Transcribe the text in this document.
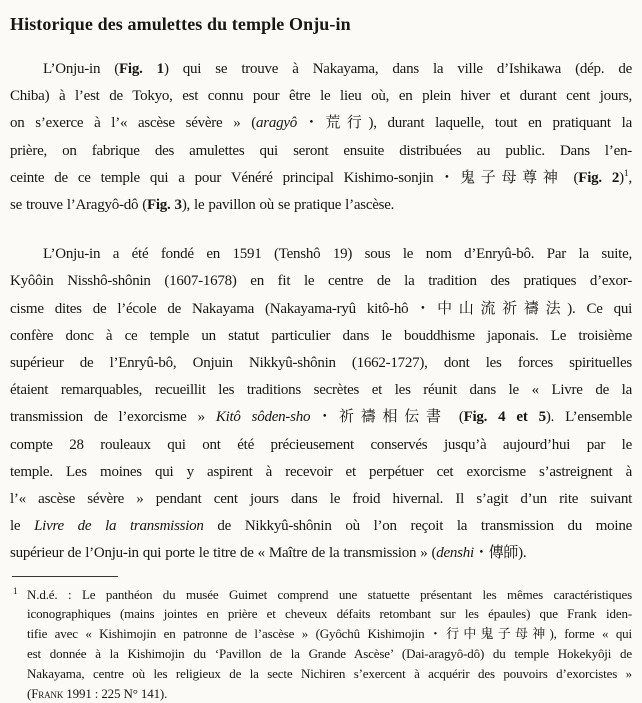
Historique des amulettes du temple Onju-in
L’Onju-in (Fig. 1) qui se trouve à Nakayama, dans la ville d’Ishikawa (dép. de
Chiba) à l’est de Tokyo, est connu pour être le lieu où, en plein hiver et durant cent jours,
on s’exerce à l’« ascèse sévère » (aragyô・荒行), durant laquelle, tout en pratiquant la
prière, on fabrique des amulettes qui seront ensuite distribuées au public. Dans l’en-
ceinte de ce temple qui a pour Vénéré principal Kishimo-sonjin・鬼子母尊神 (Fig. 2)$^1$,
se trouve l’Aragyô-dô (Fig. 3), le pavillon où se pratique l’ascèse.
L’Onju-in a été fondé en 1591 (Tenshô 19) sous le nom d’Enryû-bô. Par la suite,
Kyôôin Nisshô-shônin (1607-1678) en fit le centre de la tradition des pratiques d’exor-
cisme dites de l’école de Nakayama (Nakayama-ryû kitô-hô・中山流祈禱法). Ce qui
confère donc à ce temple un statut particulier dans le bouddhisme japonais. Le troisième
supérieur de l’Enryû-bô, Onjuin Nikkyû-shônin (1662-1727), dont les forces spirituelles
étaient remarquables, recueillit les traditions secrètes et les réunit dans le « Livre de la
transmission de l’exorcisme » Kitô sôden-sho・祈禱相伝書 (Fig. 4 et 5). L’ensemble
compte 28 rouleaux qui ont été précieusement conservés jusqu’à aujourd’hui par le
temple. Les moines qui y aspirent à recevoir et perpétuer cet exorcisme s’astreignent à
l’« ascèse sévère » pendant cent jours dans le froid hivernal. Il s’agit d’un rite suivant
le Livre de la transmission de Nikkyû-shônin où l’on reçoit la transmission du moine
supérieur de l’Onju-in qui porte le titre de « Maître de la transmission » (denshi・傳師).
1 N.d.é. : Le panthéon du musée Guimet comprend une statuette présentant les mêmes caractéristiques
iconographiques (mains jointes en prière et cheveux défaits retombant sur les épaules) que Frank iden-
tifie avec « Kishimojin en patronne de l’ascèse » (Gyôchû Kishimojin・行中鬼子母神), forme « qui
est donnée à la Kishimojin du ‘Pavillon de la Grande Ascèse’ (Dai-aragyô-dô) du temple Hokekyôji de
Nakayama, centre où les religieux de la secte Nichiren s’exercent à acquérir des pouvoirs d’exorcistes »
(Frank 1991 : 225 N° 141).
